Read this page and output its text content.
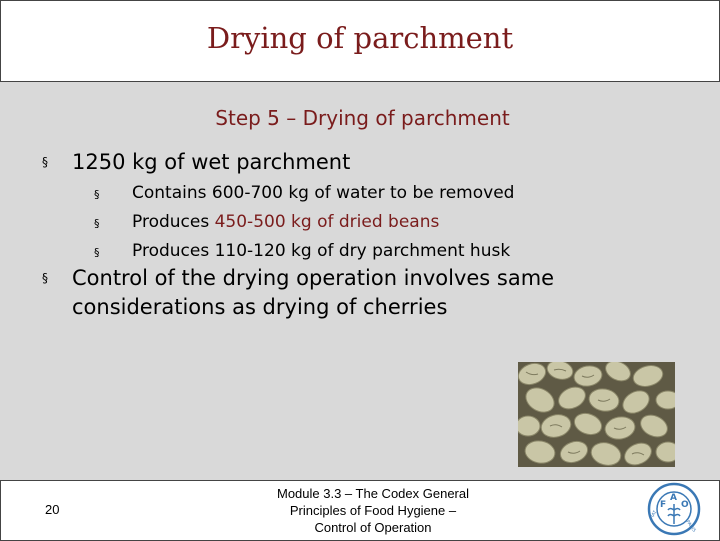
Drying of parchment
Step 5 – Drying of parchment
§	1250 kg of wet parchment
§	Contains 600-700 kg of water to be removed
§	Produces 450-500 kg of dried beans
§	Produces 110-120 kg of dry parchment husk
§	Control of the drying operation involves same considerations as drying of cherries
20
Module 3.3 – The Codex General
Principles of Food Hygiene –
Control of Operation
F
A
O
FIAT
PANIS
